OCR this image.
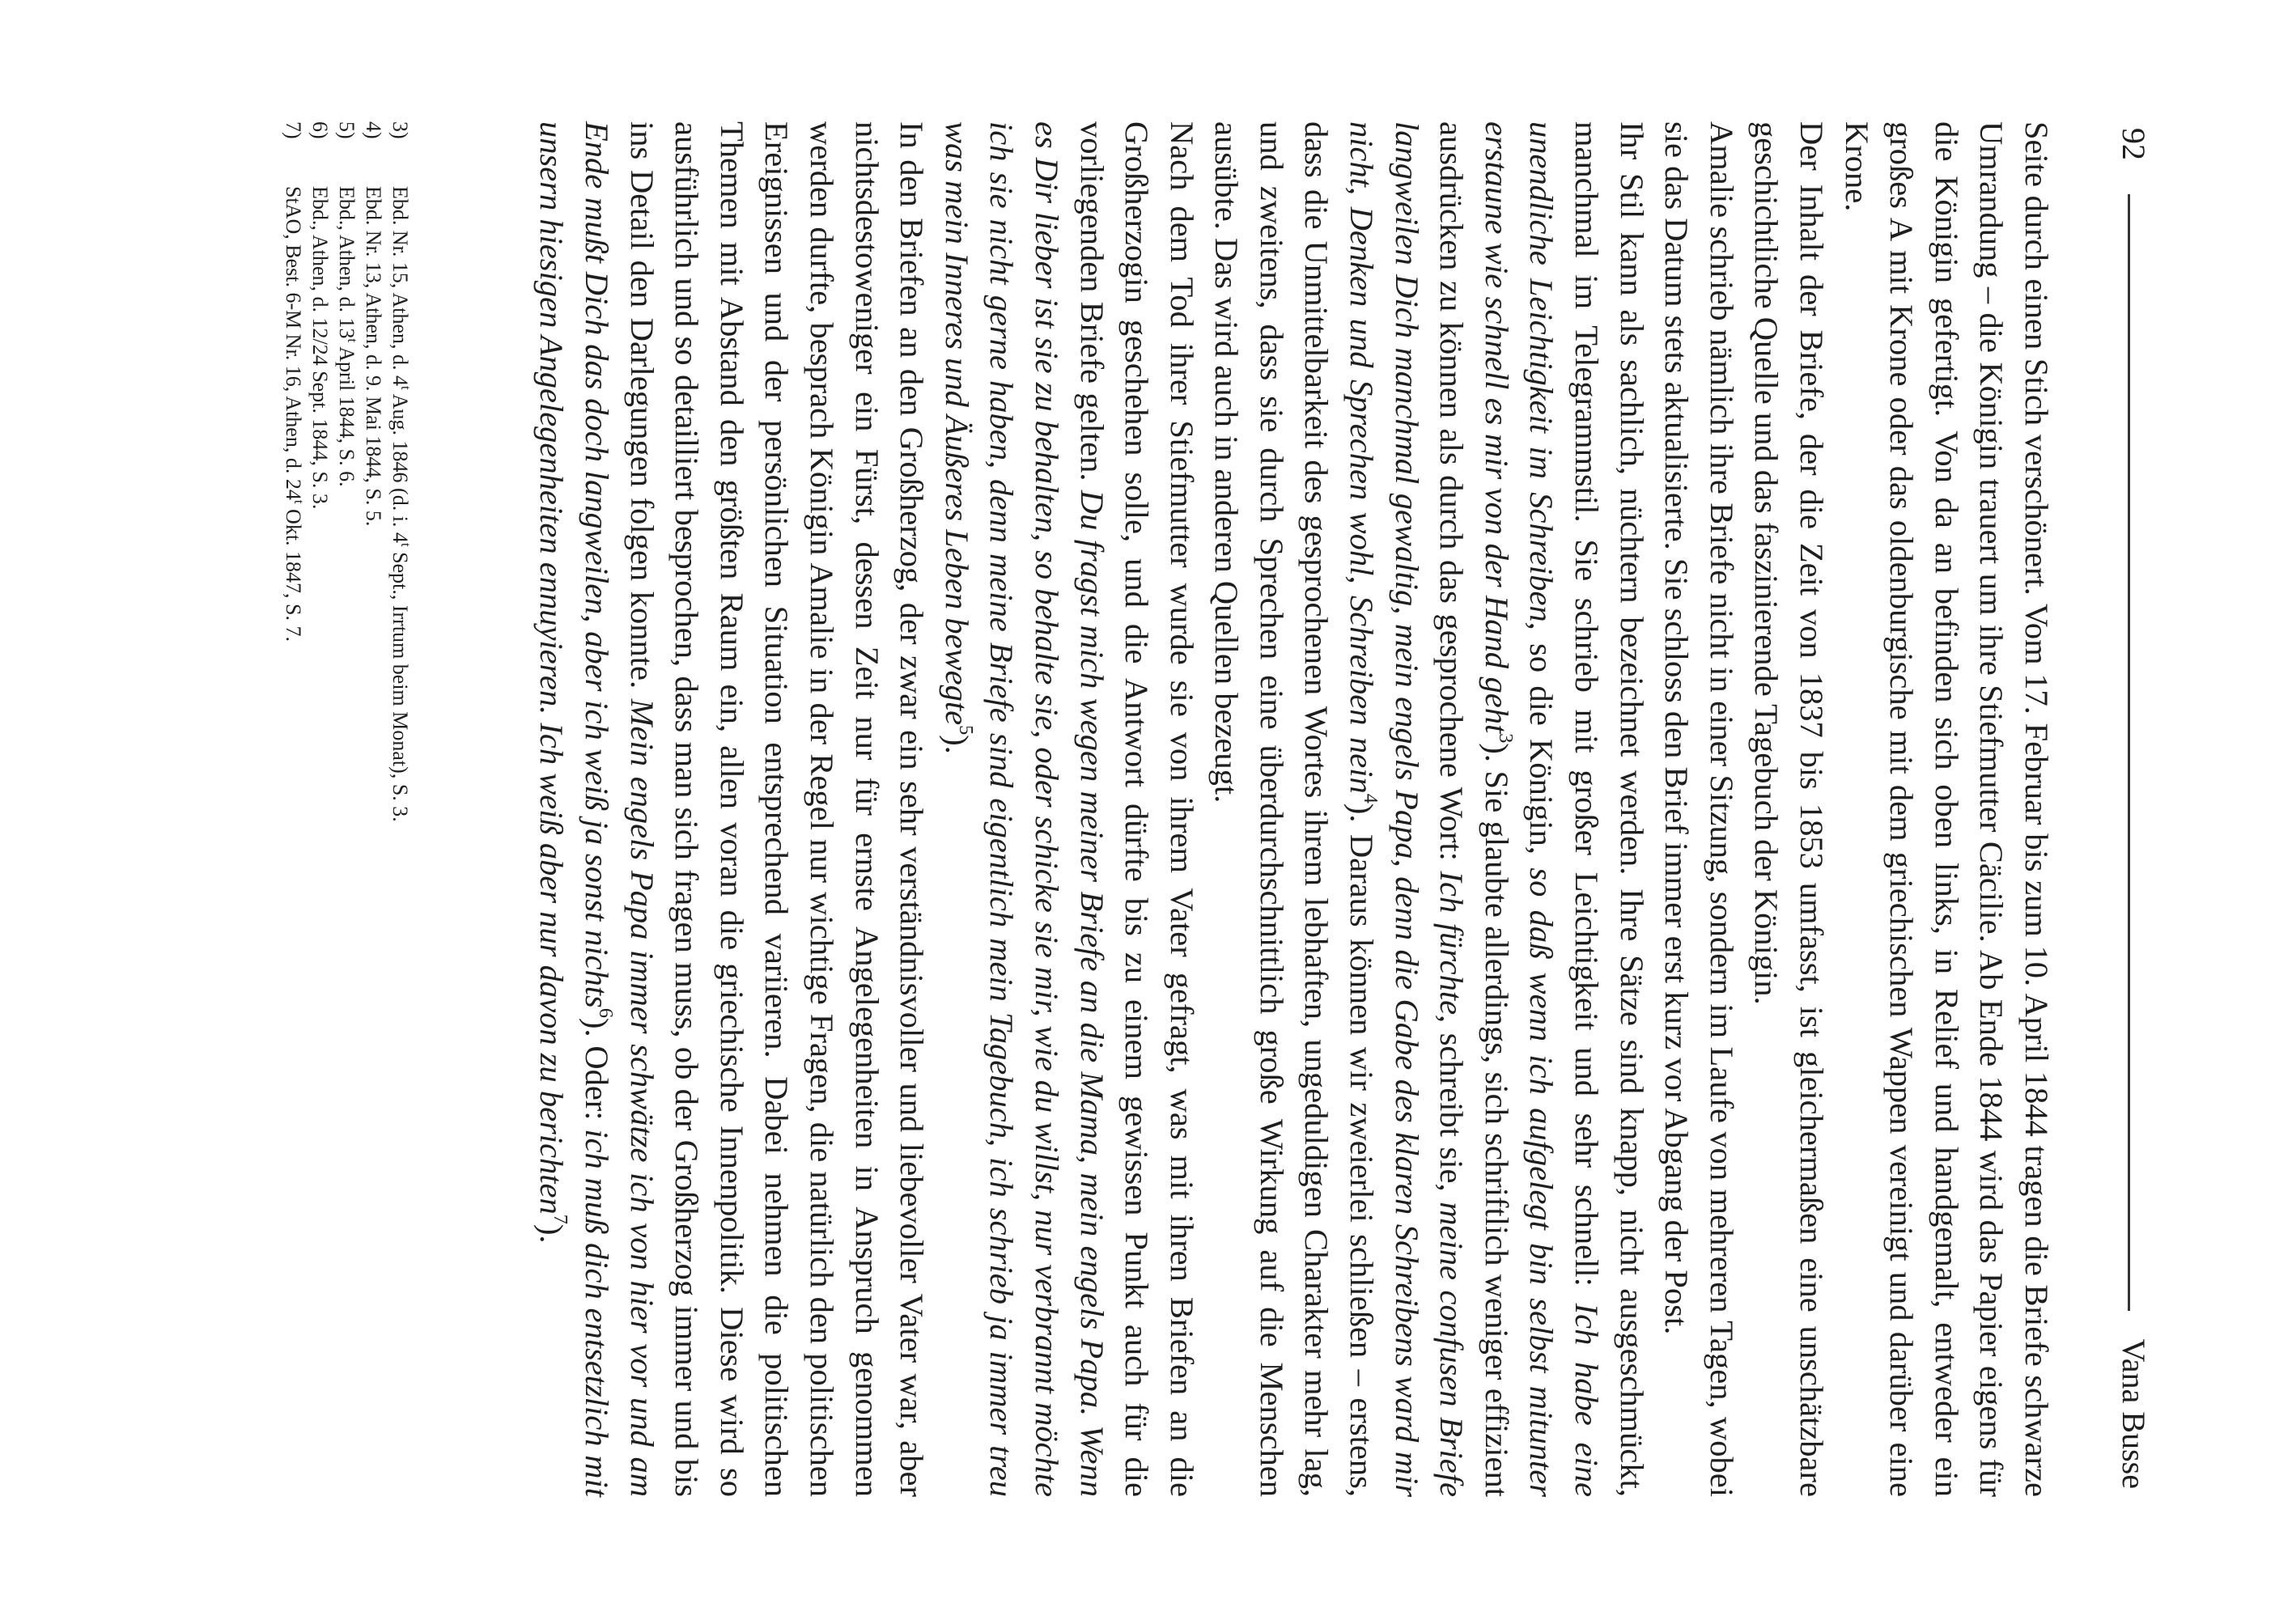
92
Vana Busse

Seite durch einen Stich verschönert. Vom 17. Februar bis zum 10. April 1844 tragen die Briefe schwarze Umrandung – die Königin trauert um ihre Stiefmutter Cäcilie. Ab Ende 1844 wird das Papier eigens für die Königin gefertigt. Von da an befinden sich oben links, in Relief und handgemalt, entweder ein großes A mit Krone oder das oldenburgische mit dem griechischen Wappen vereinigt und darüber eine Krone.

Der Inhalt der Briefe, der die Zeit von 1837 bis 1853 umfasst, ist gleichermaßen eine unschätzbare geschichtliche Quelle und das faszinierende Tagebuch der Königin.

Amalie schrieb nämlich ihre Briefe nicht in einer Sitzung, sondern im Laufe von mehreren Tagen, wobei sie das Datum stets aktualisierte. Sie schloss den Brief immer erst kurz vor Abgang der Post.

Ihr Stil kann als sachlich, nüchtern bezeichnet werden. Ihre Sätze sind knapp, nicht ausgeschmückt, manchmal im Telegrammstil. Sie schrieb mit großer Leichtigkeit und sehr schnell: Ich habe eine unendliche Leichtigkeit im Schreiben, so die Königin, so daß wenn ich aufgelegt bin selbst mitunter erstaune wie schnell es mir von der Hand geht$^3$). Sie glaubte allerdings, sich schriftlich weniger effizient ausdrücken zu können als durch das gesprochene Wort: Ich fürchte, schreibt sie, meine confusen Briefe langweilen Dich manchmal gewaltig, mein engels Papa, denn die Gabe des klaren Schreibens ward mir nicht, Denken und Sprechen wohl, Schreiben nein$^4$). Daraus können wir zweierlei schließen – erstens, dass die Unmittelbarkeit des gesprochenen Wortes ihrem lebhaften, ungeduldigen Charakter mehr lag, und zweitens, dass sie durch Sprechen eine überdurchschnittlich große Wirkung auf die Menschen ausübte. Das wird auch in anderen Quellen bezeugt.

Nach dem Tod ihrer Stiefmutter wurde sie von ihrem Vater gefragt, was mit ihren Briefen an die Großherzogin geschehen solle, und die Antwort dürfte bis zu einem gewissen Punkt auch für die vorliegenden Briefe gelten. Du fragst mich wegen meiner Briefe an die Mama, mein engels Papa. Wenn es Dir lieber ist sie zu behalten, so behalte sie, oder schicke sie mir, wie du willst, nur verbrannt möchte ich sie nicht gerne haben, denn meine Briefe sind eigentlich mein Tagebuch, ich schrieb ja immer treu was mein Inneres und Äußeres Leben bewegte$^5$).

In den Briefen an den Großherzog, der zwar ein sehr verständnisvoller und liebevoller Vater war, aber nichtsdestoweniger ein Fürst, dessen Zeit nur für ernste Angelegenheiten in Anspruch genommen werden durfte, besprach Königin Amalie in der Regel nur wichtige Fragen, die natürlich den politischen Ereignissen und der persönlichen Situation entsprechend variieren. Dabei nehmen die politischen Themen mit Abstand den größten Raum ein, allen voran die griechische Innenpolitik. Diese wird so ausführlich und so detailliert besprochen, dass man sich fragen muss, ob der Großherzog immer und bis ins Detail den Darlegungen folgen konnte. Mein engels Papa immer schwätze ich von hier vor und am Ende mußt Dich das doch langweilen, aber ich weiß ja sonst nichts$^6$). Oder: ich muß dich entsetzlich mit unsern hiesigen Angelegenheiten ennuyieren. Ich weiß aber nur davon zu berichten$^7$).

3)
Ebd. Nr. 15, Athen, d. 4$^t$ Aug. 1846 (d. i. 4$^t$ Sept., Irrtum beim Monat), S. 3.
4)
Ebd. Nr. 13, Athen, d. 9. Mai 1844, S. 5.
5)
Ebd., Athen, d. 13$^t$ April 1844, S. 6.
6)
Ebd., Athen, d. 12/24 Sept. 1844, S. 3.
7)
StAO, Best. 6-M Nr. 16, Athen, d. 24$^t$ Okt. 1847, S. 7.
